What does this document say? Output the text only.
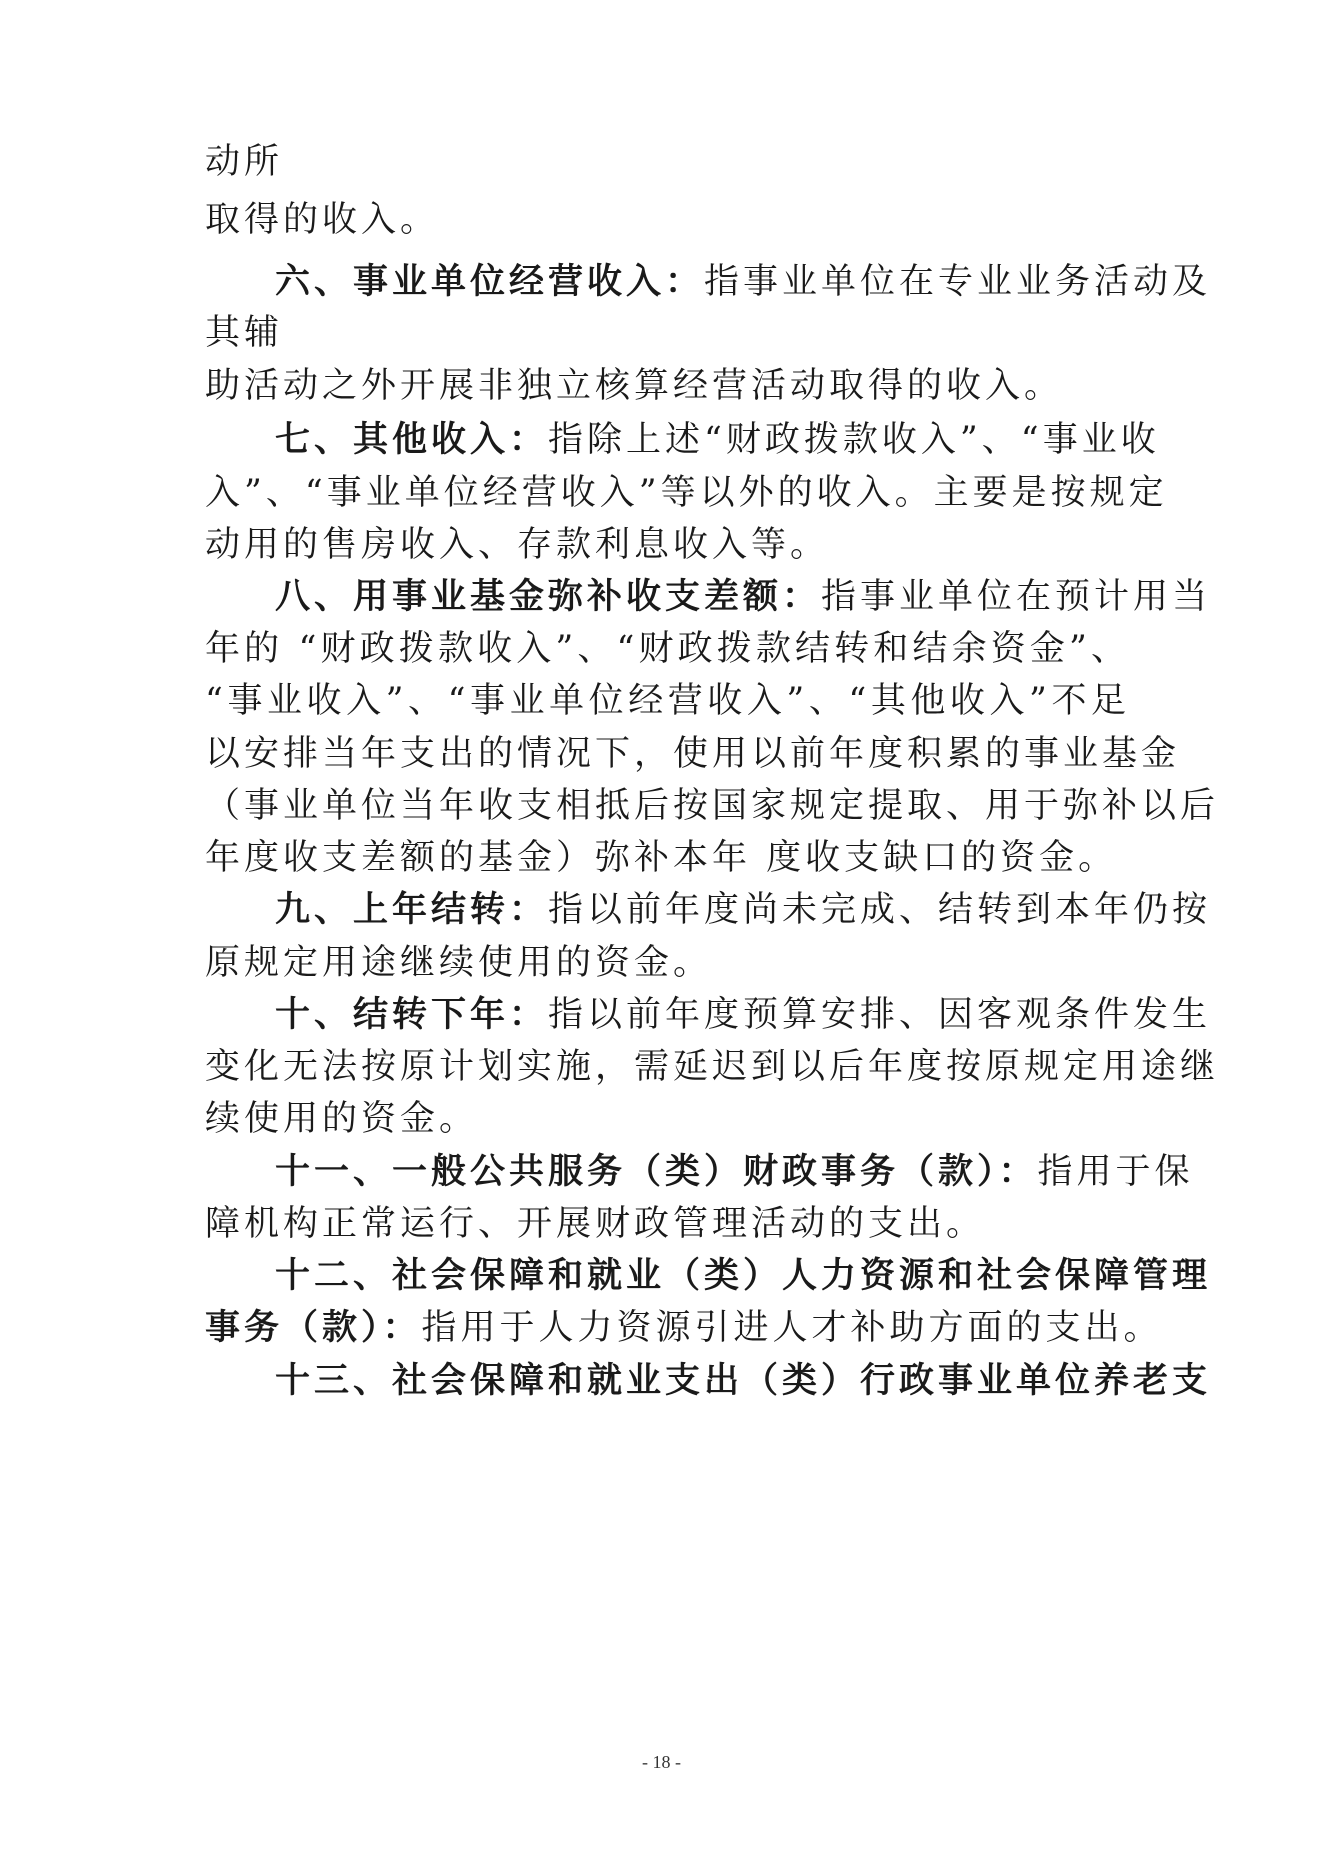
动所
取得的收入。
六、事业单位经营收入：指事业单位在专业业务活动及
其辅
助活动之外开展非独立核算经营活动取得的收入。
七、其他收入：指除上述“财政拨款收入”、“事业收
入”、“事业单位经营收入”等以外的收入。主要是按规定
动用的售房收入、存款利息收入等。
八、用事业基金弥补收支差额：指事业单位在预计用当
年的 “财政拨款收入”、“财政拨款结转和结余资金”、
“事业收入”、“事业单位经营收入”、“其他收入”不足
以安排当年支出的情况下，使用以前年度积累的事业基金
（事业单位当年收支相抵后按国家规定提取、用于弥补以后
年度收支差额的基金）弥补本年 度收支缺口的资金。
九、上年结转：指以前年度尚未完成、结转到本年仍按
原规定用途继续使用的资金。
十、结转下年：指以前年度预算安排、因客观条件发生
变化无法按原计划实施，需延迟到以后年度按原规定用途继
续使用的资金。
十一、一般公共服务（类）财政事务（款）：指用于保
障机构正常运行、开展财政管理活动的支出。
十二、社会保障和就业（类）人力资源和社会保障管理
事务（款）：指用于人力资源引进人才补助方面的支出。
十三、社会保障和就业支出（类）行政事业单位养老支
- 18 -
